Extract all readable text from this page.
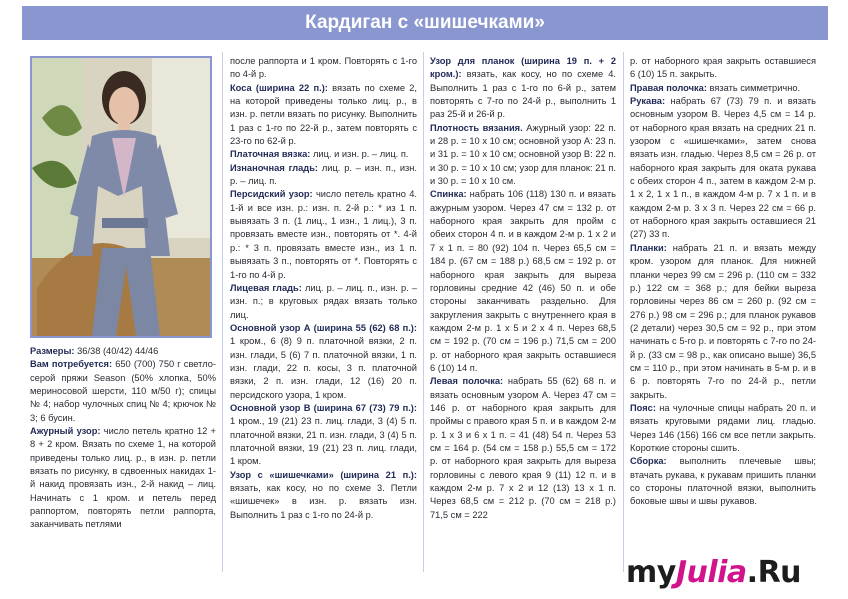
Кардиган с «шишечками»

Размеры: 36/38 (40/42) 44/46

Вам потребуется: 650 (700) 750 г светло-серой пряжи Season (50% хлопка, 50% мериносовой шерсти, 110 м/50 г); спицы № 4; набор чулочных спиц № 4; крючок № 3; 6 бусин.

Ажурный узор: число петель кратно 12 + 8 + 2 кром. Вязать по схеме 1, на которой приведены только лиц. р., в изн. р. петли вязать по рисунку, в сдвоенных накидах 1-й накид провязать изн., 2-й накид – лиц. Начинать с 1 кром. и петель перед раппортом, повторять петли раппорта, заканчивать петлями

после раппорта и 1 кром. Повторять с 1-го по 4-й р.

Коса (ширина 22 п.): вязать по схеме 2, на которой приведены только лиц. р., в изн. р. петли вязать по рисунку. Выполнить 1 раз с 1-го по 22-й р., затем повторять с 23-го по 62-й р.

Платочная вязка: лиц. и изн. р. – лиц. п.

Изнаночная гладь: лиц. р. – изн. п., изн. р. – лиц. п.

Персидский узор: число петель кратно 4. 1-й и все изн. р.: изн. п. 2-й р.: * из 1 п. вывязать 3 п. (1 лиц., 1 изн., 1 лиц.), 3 п. провязать вместе изн., повторять от *. 4-й р.: * 3 п. провязать вместе изн., из 1 п. вывязать 3 п., повторять от *. Повторять с 1-го по 4-й р.

Лицевая гладь: лиц. р. – лиц. п., изн. р. – изн. п.; в круговых рядах вязать только лиц.

Основной узор А (ширина 55 (62) 68 п.): 1 кром., 6 (8) 9 п. платочной вязки, 2 п. изн. глади, 5 (6) 7 п. платочной вязки, 1 п. изн. глади, 22 п. косы, 3 п. платочной вязки, 2 п. изн. глади, 12 (16) 20 п. персидского узора, 1 кром.

Основной узор В (ширина 67 (73) 79 п.): 1 кром., 19 (21) 23 п. лиц. глади, 3 (4) 5 п. платочной вязки, 21 п. изн. глади, 3 (4) 5 п. платочной вязки, 19 (21) 23 п. лиц. глади, 1 кром.

Узор с «шишечками» (ширина 21 п.): вязать, как косу, но по схеме 3. Петли «шишечек» в изн. р. вязать изн. Выполнить 1 раз с 1-го по 24-й р.

Узор для планок (ширина 19 п. + 2 кром.): вязать, как косу, но по схеме 4. Выполнить 1 раз с 1-го по 6-й р., затем повторять с 7-го по 24-й р., выполнить 1 раз 25-й и 26-й р.

Плотность вязания. Ажурный узор: 22 п. и 28 р. = 10 х 10 см; основной узор А: 23 п. и 31 р. = 10 х 10 см; основной узор В: 22 п. и 30 р. = 10 х 10 см; узор для планок: 21 п. и 30 р. = 10 х 10 см.

Спинка: набрать 106 (118) 130 п. и вязать ажурным узором. Через 47 см = 132 р. от наборного края закрыть для пройм с обеих сторон 4 п. и в каждом 2-м р. 1 х 2 и 7 х 1 п. = 80 (92) 104 п. Через 65,5 см = 184 р. (67 см = 188 р.) 68,5 см = 192 р. от наборного края закрыть для выреза горловины средние 42 (46) 50 п. и обе стороны заканчивать раздельно. Для закругления закрыть с внутреннего края в каждом 2-м р. 1 х 5 и 2 х 4 п. Через 68,5 см = 192 р. (70 см = 196 р.) 71,5 см = 200 р. от наборного края закрыть оставшиеся 6 (10) 14 п.

Левая полочка: набрать 55 (62) 68 п. и вязать основным узором А. Через 47 см = 146 р. от наборного края закрыть для проймы с правого края 5 п. и в каждом 2-м р. 1 х 3 и 6 х 1 п. = 41 (48) 54 п. Через 53 см = 164 р. (54 см = 158 р.) 55,5 см = 172 р. от наборного края закрыть для выреза горловины с левого края 9 (11) 12 п. и в каждом 2-м р. 7 х 2 и 12 (13) 13 х 1 п. Через 68,5 см = 212 р. (70 см = 218 р.) 71,5 см = 222

р. от наборного края закрыть оставшиеся 6 (10) 15 п. закрыть.

Правая полочка: вязать симметрично.

Рукава: набрать 67 (73) 79 п. и вязать основным узором В. Через 4,5 см = 14 р. от наборного края вязать на средних 21 п. узором с «шишечками», затем снова вязать изн. гладью. Через 8,5 см = 26 р. от наборного края закрыть для оката рукава с обеих сторон 4 п., затем в каждом 2-м р. 1 х 2, 1 х 1 п., в каждом 4-м р. 7 х 1 п. и в каждом 2-м р. 3 х 3 п. Через 22 см = 66 р. от наборного края закрыть оставшиеся 21 (27) 33 п.

Планки: набрать 21 п. и вязать между кром. узором для планок. Для нижней планки через 99 см = 296 р. (110 см = 332 р.) 122 см = 368 р.; для бейки выреза горловины через 86 см = 260 р. (92 см = 276 р.) 98 см = 296 р.; для планок рукавов (2 детали) через 30,5 см = 92 р., при этом начинать с 5-го р. и повторять с 7-го по 24-й р. (33 см = 98 р., как описано выше) 36,5 см = 110 р., при этом начинать в 5-м р. и в 6 р. повторять 7-го по 24-й р., петли закрыть.

Пояс: на чулочные спицы набрать 20 п. и вязать круговыми рядами лиц. гладью. Через 146 (156) 166 см все петли закрыть. Короткие стороны сшить.

Сборка: выполнить плечевые швы; втачать рукава, к рукавам пришить планки со стороны платочной вязки, выполнить боковые швы и швы рукавов.

myJulia.Ru
